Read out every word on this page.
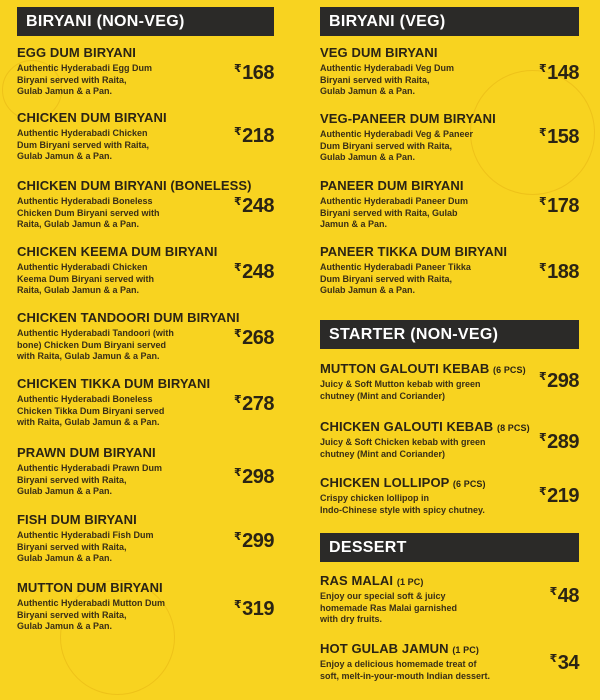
BIRYANI (NON-VEG)	BIRYANI (VEG)
STARTER (NON-VEG)
DESSERT
EGG DUM BIRYANI
Authentic Hyderabadi Egg Dum
Biryani served with Raita,
Gulab Jamun & a Pan.
₹168
CHICKEN DUM BIRYANI
Authentic Hyderabadi Chicken
Dum Biryani served with Raita,
Gulab Jamun & a Pan.
₹218
CHICKEN DUM BIRYANI (BONELESS)
Authentic Hyderabadi Boneless
Chicken Dum Biryani served with
Raita, Gulab Jamun & a Pan.
₹248
CHICKEN KEEMA DUM BIRYANI
Authentic Hyderabadi Chicken
Keema Dum Biryani served with
Raita, Gulab Jamun & a Pan.
₹248
CHICKEN TANDOORI DUM BIRYANI
Authentic Hyderabadi Tandoori (with
bone) Chicken Dum Biryani served
with Raita, Gulab Jamun & a Pan.
₹268
CHICKEN TIKKA DUM BIRYANI
Authentic Hyderabadi Boneless
Chicken Tikka Dum Biryani served
with Raita, Gulab Jamun & a Pan.
₹278
PRAWN DUM BIRYANI
Authentic Hyderabadi Prawn Dum
Biryani served with Raita,
Gulab Jamun & a Pan.
₹298
FISH DUM BIRYANI
Authentic Hyderabadi Fish Dum
Biryani served with Raita,
Gulab Jamun & a Pan.
₹299
MUTTON DUM BIRYANI
Authentic Hyderabadi Mutton Dum
Biryani served with Raita,
Gulab Jamun & a Pan.
₹319
VEG DUM BIRYANI
Authentic Hyderabadi Veg Dum
Biryani served with Raita,
Gulab Jamun & a Pan.
₹148
VEG-PANEER DUM BIRYANI
Authentic Hyderabadi Veg & Paneer
Dum Biryani served with Raita,
Gulab Jamun & a Pan.
₹158
PANEER DUM BIRYANI
Authentic Hyderabadi Paneer Dum
Biryani served with Raita, Gulab
Jamun & a Pan.
₹178
PANEER TIKKA DUM BIRYANI
Authentic Hyderabadi Paneer Tikka
Dum Biryani served with Raita,
Gulab Jamun & a Pan.
₹188
MUTTON GALOUTI KEBAB (6 PCS)
Juicy & Soft Mutton kebab with green
chutney (Mint and Coriander)
₹298
CHICKEN GALOUTI KEBAB (8 PCS)
Juicy & Soft Chicken kebab with green
chutney (Mint and Coriander)
₹289
CHICKEN LOLLIPOP (6 PCS)
Crispy chicken lollipop in
Indo-Chinese style with spicy chutney.
₹219
RAS MALAI (1 PC)
Enjoy our special soft & juicy
homemade Ras Malai garnished
with dry fruits.
₹48
HOT GULAB JAMUN (1 PC)
Enjoy a delicious homemade treat of
soft, melt-in-your-mouth Indian dessert.
₹34
